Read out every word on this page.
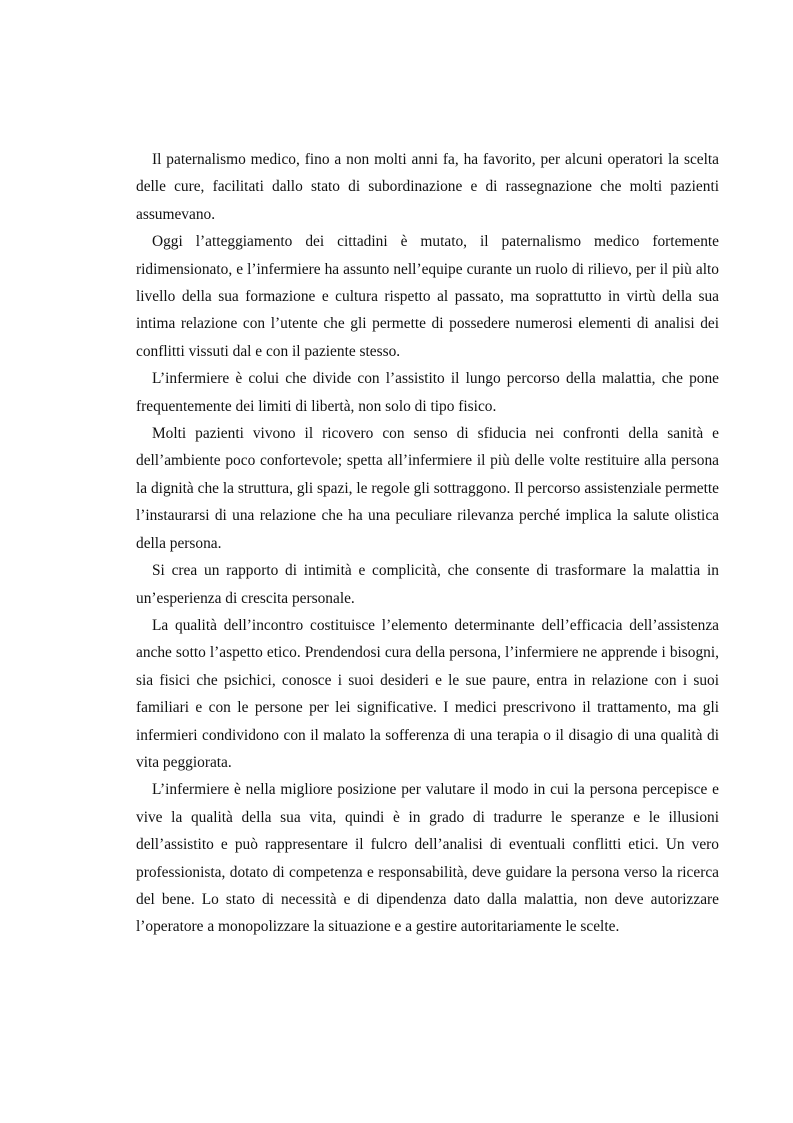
Il paternalismo medico, fino a non molti anni fa, ha favorito, per alcuni operatori la scelta delle cure, facilitati dallo stato di subordinazione e di rassegnazione che molti pazienti assumevano.

Oggi l’atteggiamento dei cittadini è mutato, il paternalismo medico fortemente ridimensionato, e l’infermiere ha assunto nell’equipe curante un ruolo di rilievo, per il più alto livello della sua formazione e cultura rispetto al passato, ma soprattutto in virtù della sua intima relazione con l’utente che gli permette di possedere numerosi elementi di analisi dei conflitti vissuti dal e con il paziente stesso.

L’infermiere è colui che divide con l’assistito il lungo percorso della malattia, che pone frequentemente dei limiti di libertà, non solo di tipo fisico.

Molti pazienti vivono il ricovero con senso di sfiducia nei confronti della sanità e dell’ambiente poco confortevole; spetta all’infermiere il più delle volte restituire alla persona la dignità che la struttura, gli spazi, le regole gli sottraggono. Il percorso assistenziale permette l’instaurarsi di una relazione che ha una peculiare rilevanza perché implica la salute olistica della persona.

Si crea un rapporto di intimità e complicità, che consente di trasformare la malattia in un’esperienza di crescita personale.

La qualità dell’incontro costituisce l’elemento determinante dell’efficacia dell’assistenza anche sotto l’aspetto etico. Prendendosi cura della persona, l’infermiere ne apprende i bisogni, sia fisici che psichici, conosce i suoi desideri e le sue paure, entra in relazione con i suoi familiari e con le persone per lei significative. I medici prescrivono il trattamento, ma gli infermieri condividono con il malato la sofferenza di una terapia o il disagio di una qualità di vita peggiorata.

L’infermiere è nella migliore posizione per valutare il modo in cui la persona percepisce e vive la qualità della sua vita, quindi è in grado di tradurre le speranze e le illusioni dell’assistito e può rappresentare il fulcro dell’analisi di eventuali conflitti etici. Un vero professionista, dotato di competenza e responsabilità, deve guidare la persona verso la ricerca del bene. Lo stato di necessità e di dipendenza dato dalla malattia, non deve autorizzare l’operatore a monopolizzare la situazione e a gestire autoritariamente le scelte.
